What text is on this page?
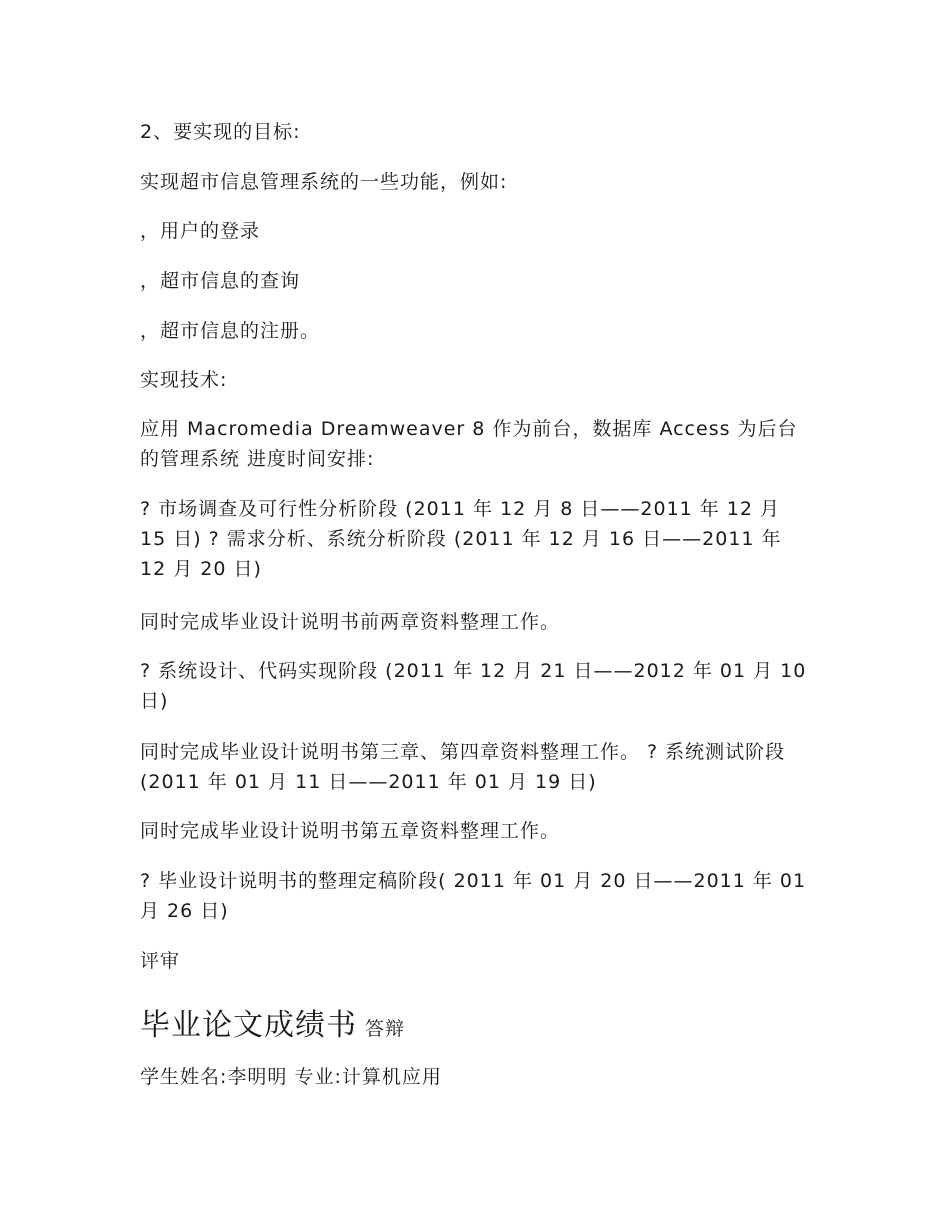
2、要实现的目标:

实现超市信息管理系统的一些功能，例如:

，用户的登录

，超市信息的查询

，超市信息的注册。

实现技术:

应用 Macromedia Dreamweaver 8 作为前台，数据库 Access 为后台的管理系统 进度时间安排:

? 市场调查及可行性分析阶段 (2011 年 12 月 8 日——2011 年 12 月 15 日) ? 需求分析、系统分析阶段 (2011 年 12 月 16 日——2011 年 12 月 20 日)

同时完成毕业设计说明书前两章资料整理工作。

? 系统设计、代码实现阶段 (2011 年 12 月 21 日——2012 年 01 月 10 日)

同时完成毕业设计说明书第三章、第四章资料整理工作。 ? 系统测试阶段 (2011 年 01 月 11 日——2011 年 01 月 19 日)

同时完成毕业设计说明书第五章资料整理工作。

? 毕业设计说明书的整理定稿阶段( 2011 年 01 月 20 日——2011 年 01 月 26 日)

评审

毕业论文成绩书 答辩

学生姓名:李明明 专业:计算机应用
